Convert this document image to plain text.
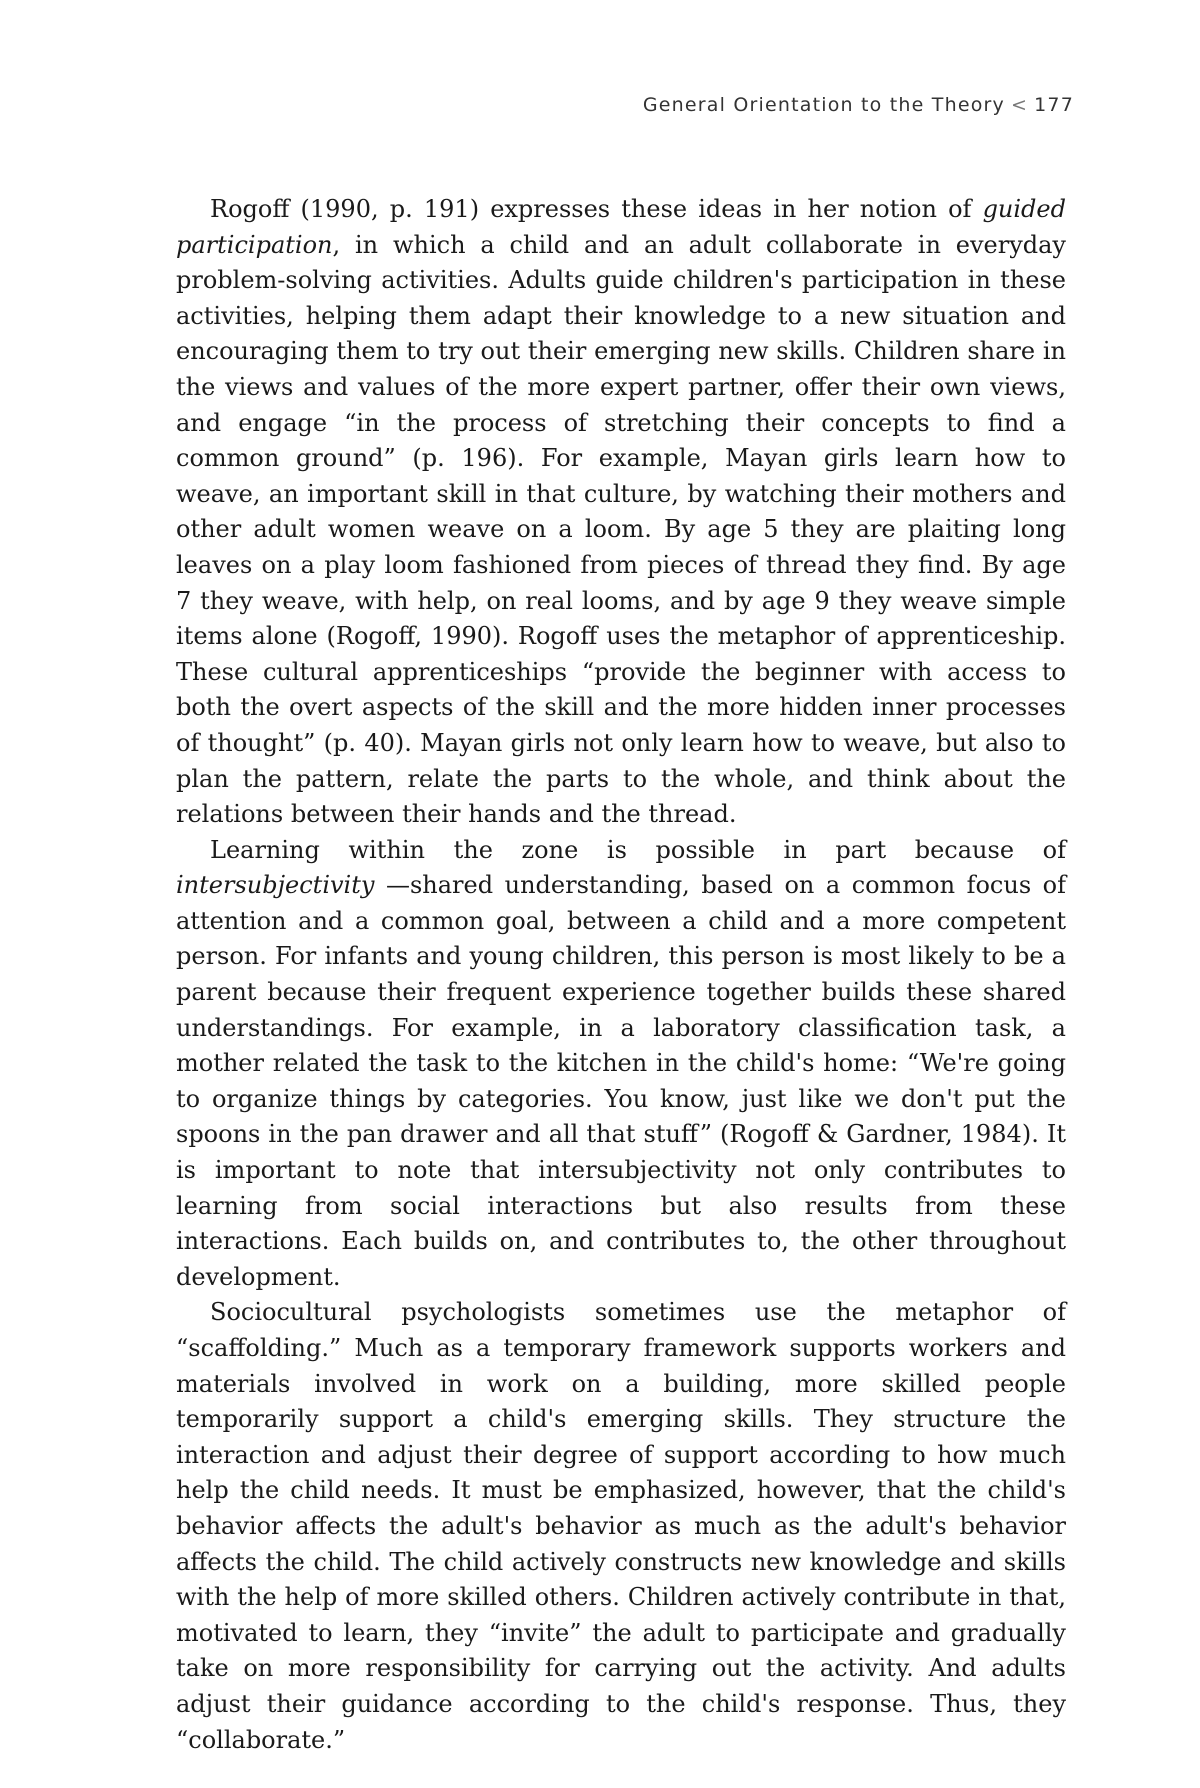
General Orientation to the Theory < 177

Rogoff (1990, p. 191) expresses these ideas in her notion of guided participation, in which a child and an adult collaborate in everyday problem-solving activities. Adults guide children's participation in these activities, helping them adapt their knowledge to a new situation and encouraging them to try out their emerging new skills. Children share in the views and values of the more expert partner, offer their own views, and engage “in the process of stretching their concepts to find a common ground” (p. 196). For example, Mayan girls learn how to weave, an important skill in that culture, by watching their mothers and other adult women weave on a loom. By age 5 they are plaiting long leaves on a play loom fashioned from pieces of thread they find. By age 7 they weave, with help, on real looms, and by age 9 they weave simple items alone (Rogoff, 1990). Rogoff uses the metaphor of apprenticeship. These cultural apprenticeships “provide the beginner with access to both the overt aspects of the skill and the more hidden inner processes of thought” (p. 40). Mayan girls not only learn how to weave, but also to plan the pattern, relate the parts to the whole, and think about the relations between their hands and the thread.

Learning within the zone is possible in part because of intersubjectivity —shared understanding, based on a common focus of attention and a common goal, between a child and a more competent person. For infants and young children, this person is most likely to be a parent because their frequent experience together builds these shared understandings. For example, in a laboratory classification task, a mother related the task to the kitchen in the child's home: “We're going to organize things by categories. You know, just like we don't put the spoons in the pan drawer and all that stuff” (Rogoff & Gardner, 1984). It is important to note that intersubjectivity not only contributes to learning from social interactions but also results from these interactions. Each builds on, and contributes to, the other throughout development.

Sociocultural psychologists sometimes use the metaphor of “scaffolding.” Much as a temporary framework supports workers and materials involved in work on a building, more skilled people temporarily support a child's emerging skills. They structure the interaction and adjust their degree of support according to how much help the child needs. It must be emphasized, however, that the child's behavior affects the adult's behavior as much as the adult's behavior affects the child. The child actively constructs new knowledge and skills with the help of more skilled others. Children actively contribute in that, motivated to learn, they “invite” the adult to participate and gradually take on more responsibility for carrying out the activity. And adults adjust their guidance according to the child's response. Thus, they “collaborate.”
